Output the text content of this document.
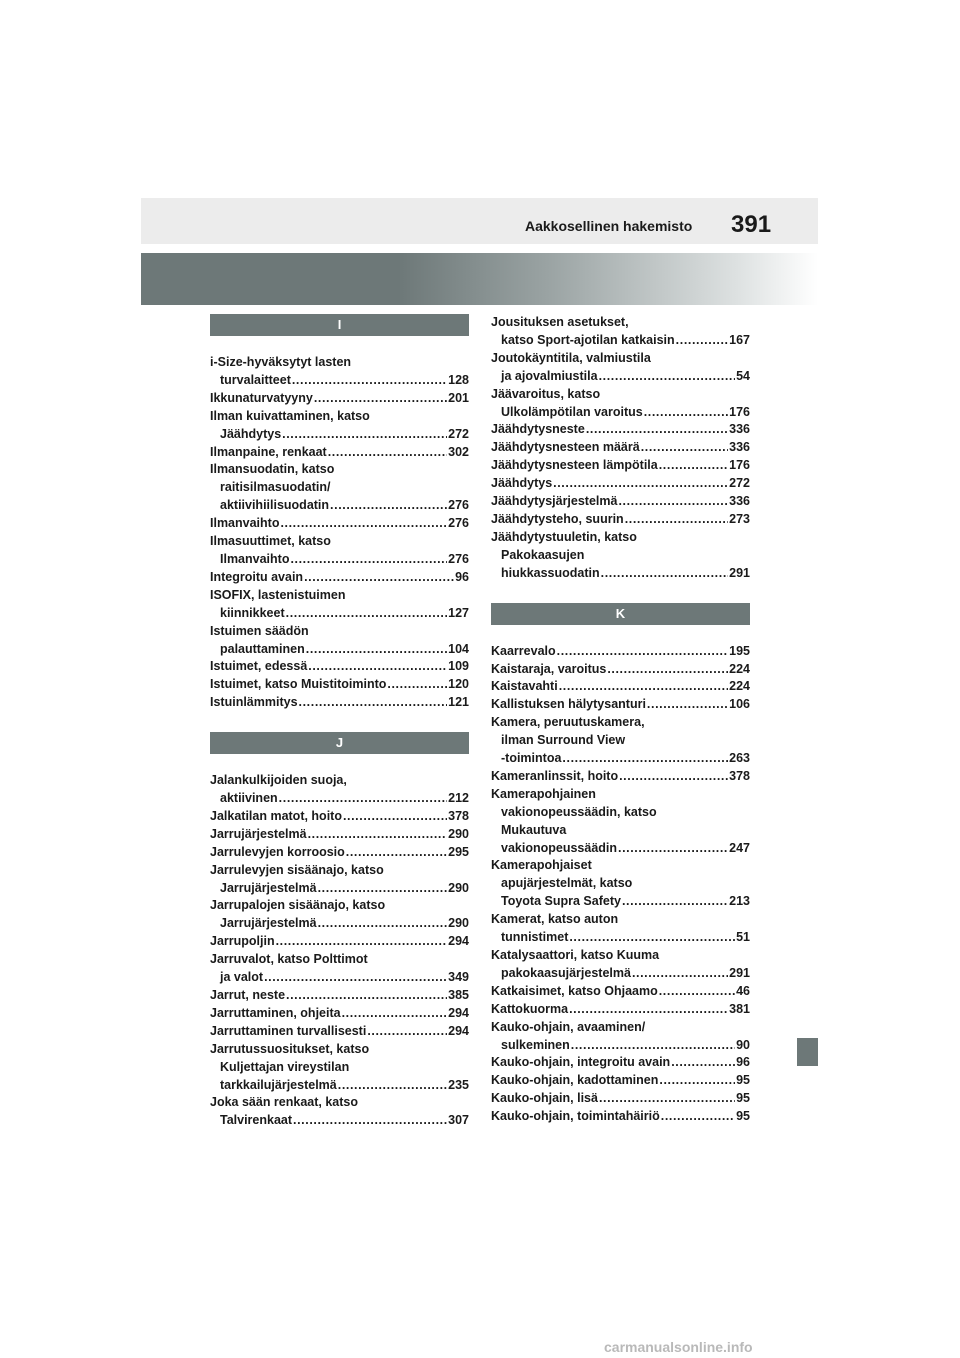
Aakkosellinen hakemisto 391
I
i-Size-hyväksytyt lasten
turvalaitteet .....	128
Ikkunaturvatyyny .....	201
Ilman kuivattaminen, katso
Jäähdytys .....	272
Ilmanpaine, renkaat .....	302
Ilmansuodatin, katso
raitisilmasuodatin/
aktiivihiilisuodatin .....	276
Ilmanvaihto .....	276
Ilmasuuttimet, katso
Ilmanvaihto .....	276
Integroitu avain .....	96
ISOFIX, lastenistuimen
kiinnikkeet .....	127
Istuimen säädön
palauttaminen .....	104
Istuimet, edessä .....	109
Istuimet, katso Muistitoiminto .....	120
Istuinlämmitys .....	121
J
Jalankulkijoiden suoja,
aktiivinen .....	212
Jalkatilan matot, hoito .....	378
Jarrujärjestelmä .....	290
Jarrulevyjen korroosio .....	295
Jarrulevyjen sisäänajo, katso
Jarrujärjestelmä .....	290
Jarrupalojen sisäänajo, katso
Jarrujärjestelmä .....	290
Jarrupoljin .....	294
Jarruvalot, katso Polttimot
ja valot .....	349
Jarrut, neste .....	385
Jarruttaminen, ohjeita .....	294
Jarruttaminen turvallisesti .....	294
Jarrutussuositukset, katso
Kuljettajan vireystilan
tarkkailujärjestelmä .....	235
Joka sään renkaat, katso
Talvirenkaat .....	307
Jousituksen asetukset,
katso Sport-ajotilan katkaisin .....	167
Joutokäyntitila, valmiustila
ja ajovalmiustila .....	54
Jäävaroitus, katso
Ulkolämpötilan varoitus .....	176
Jäähdytysneste .....	336
Jäähdytysnesteen määrä .....	336
Jäähdytysnesteen lämpötila .....	176
Jäähdytys .....	272
Jäähdytysjärjestelmä .....	336
Jäähdytysteho, suurin .....	273
Jäähdytystuuletin, katso
Pakokaasujen
hiukkassuodatin .....	291
K
Kaarrevalo .....	195
Kaistaraja, varoitus .....	224
Kaistavahti .....	224
Kallistuksen hälytysanturi .....	106
Kamera, peruutuskamera,
ilman Surround View
-toimintoa .....	263
Kameranlinssit, hoito .....	378
Kamerapohjainen
vakionopeussäädin, katso
Mukautuva
vakionopeussäädin .....	247
Kamerapohjaiset
apujärjestelmät, katso
Toyota Supra Safety .....	213
Kamerat, katso auton
tunnistimet .....	51
Katalysaattori, katso Kuuma
pakokaasujärjestelmä .....	291
Katkaisimet, katso Ohjaamo .....	46
Kattokuorma .....	381
Kauko-ohjain, avaaminen/
sulkeminen .....	90
Kauko-ohjain, integroitu avain .....	96
Kauko-ohjain, kadottaminen .....	95
Kauko-ohjain, lisä .....	95
Kauko-ohjain, toimintahäiriö .....	95
carmanualsonline.info
